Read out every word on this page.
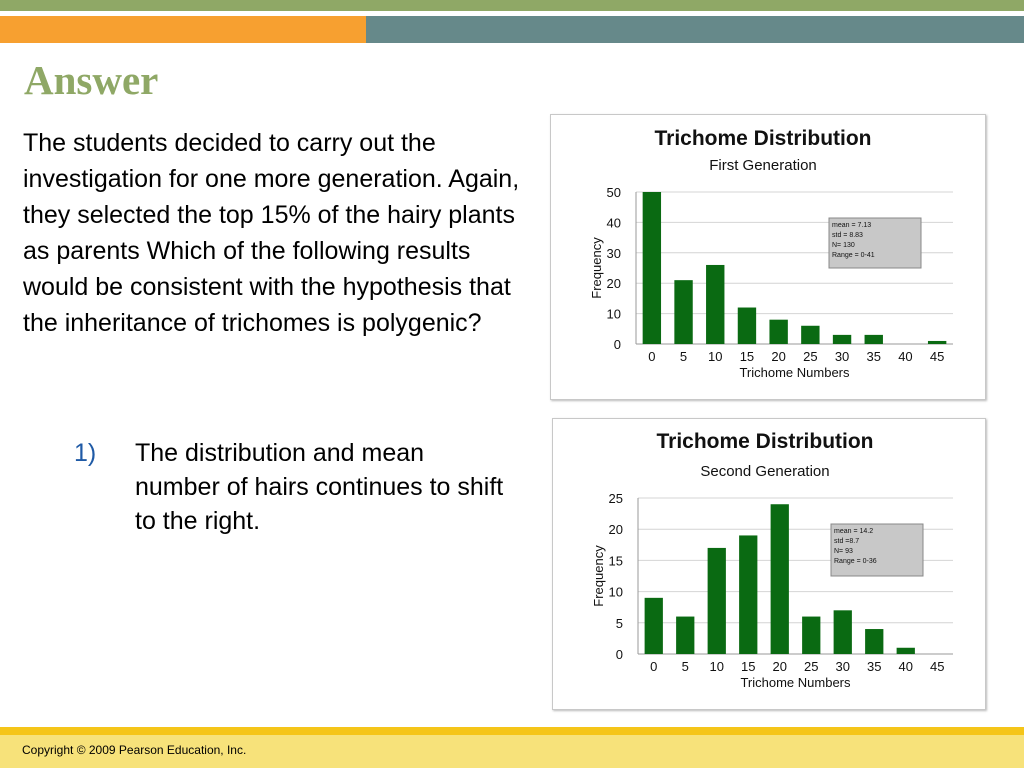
Answer
The students decided to carry out the investigation for one more generation. Again, they selected the top 15% of the hairy plants as parents Which of the following results would be consistent with the hypothesis that the inheritance of trichomes is polygenic?
1) The distribution and mean number of hairs continues to shift to the right.
Trichome Distribution
First Generation
0
10
20
30
40
50
0 5 10 15 20 25 30 35 40 45
Trichome Numbers
Frequency
mean = 7.13
std = 8.83
N= 130
Range = 0-41
Trichome Distribution
Second Generation
0
5
10
15
20
25
0 5 10 15 20 25 30 35 40 45
Trichome Numbers
Frequency
mean = 14.2
std =8.7
N= 93
Range = 0-36
Copyright © 2009 Pearson Education, Inc.
